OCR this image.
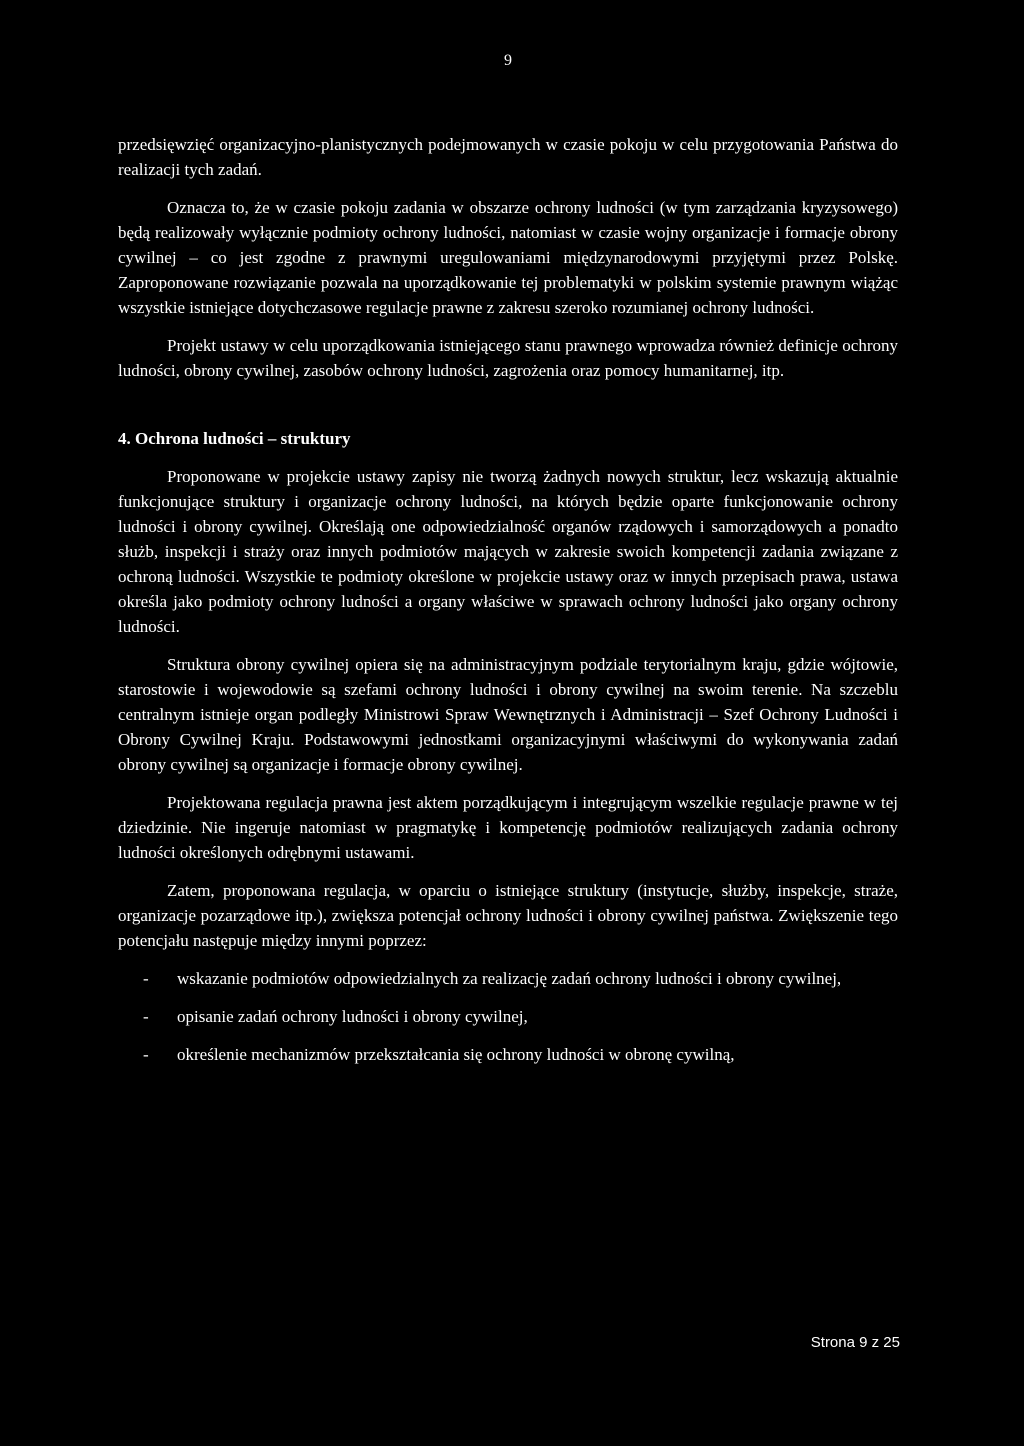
9

przedsięwzięć organizacyjno-planistycznych podejmowanych w czasie pokoju w celu przygotowania Państwa do realizacji tych zadań.

Oznacza to, że w czasie pokoju zadania w obszarze ochrony ludności (w tym zarządzania kryzysowego) będą realizowały wyłącznie podmioty ochrony ludności, natomiast w czasie wojny organizacje i formacje obrony cywilnej – co jest zgodne z prawnymi uregulowaniami międzynarodowymi przyjętymi przez Polskę. Zaproponowane rozwiązanie pozwala na uporządkowanie tej problematyki w polskim systemie prawnym wiążąc wszystkie istniejące dotychczasowe regulacje prawne z zakresu szeroko rozumianej ochrony ludności.

Projekt ustawy w celu uporządkowania istniejącego stanu prawnego wprowadza również definicje ochrony ludności, obrony cywilnej, zasobów ochrony ludności, zagrożenia oraz pomocy humanitarnej, itp.

4. Ochrona ludności – struktury

Proponowane w projekcie ustawy zapisy nie tworzą żadnych nowych struktur, lecz wskazują aktualnie funkcjonujące struktury i organizacje ochrony ludności, na których będzie oparte funkcjonowanie ochrony ludności i obrony cywilnej. Określają one odpowiedzialność organów rządowych i samorządowych a ponadto służb, inspekcji i straży oraz innych podmiotów mających w zakresie swoich kompetencji zadania związane z ochroną ludności. Wszystkie te podmioty określone w projekcie ustawy oraz w innych przepisach prawa, ustawa określa jako podmioty ochrony ludności a organy właściwe w sprawach ochrony ludności jako organy ochrony ludności.

Struktura obrony cywilnej opiera się na administracyjnym podziale terytorialnym kraju, gdzie wójtowie, starostowie i wojewodowie są szefami ochrony ludności i obrony cywilnej na swoim terenie. Na szczeblu centralnym istnieje organ podległy Ministrowi Spraw Wewnętrznych i Administracji – Szef Ochrony Ludności i Obrony Cywilnej Kraju. Podstawowymi jednostkami organizacyjnymi właściwymi do wykonywania zadań obrony cywilnej są organizacje i formacje obrony cywilnej.

Projektowana regulacja prawna jest aktem porządkującym i integrującym wszelkie regulacje prawne w tej dziedzinie. Nie ingeruje natomiast w pragmatykę i kompetencję podmiotów realizujących zadania ochrony ludności określonych odrębnymi ustawami.

Zatem, proponowana regulacja, w oparciu o istniejące struktury (instytucje, służby, inspekcje, straże, organizacje pozarządowe itp.), zwiększa potencjał ochrony ludności i obrony cywilnej państwa. Zwiększenie tego potencjału następuje między innymi poprzez:

- wskazanie podmiotów odpowiedzialnych za realizację zadań ochrony ludności i obrony cywilnej,
- opisanie zadań ochrony ludności i obrony cywilnej,
- określenie mechanizmów przekształcania się ochrony ludności w obronę cywilną,
Strona 9 z 25
